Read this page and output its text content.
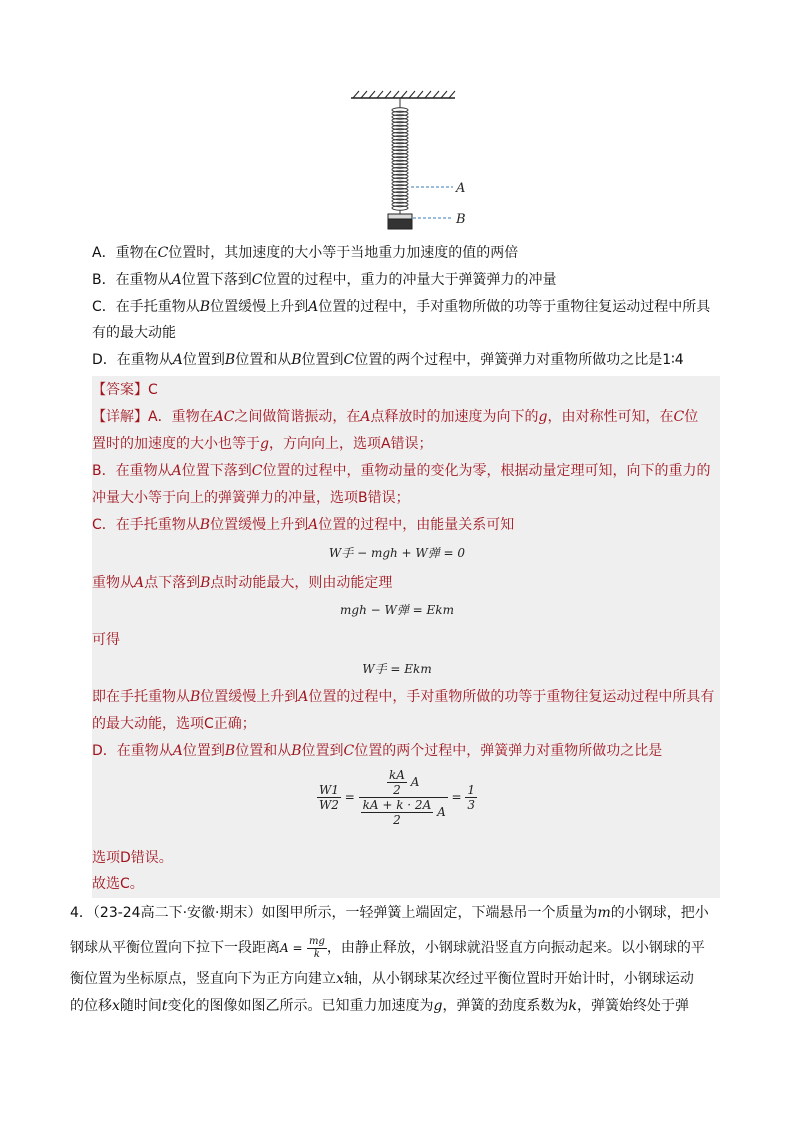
A
B
A．重物在C位置时，其加速度的大小等于当地重力加速度的值的两倍
B．在重物从A位置下落到C位置的过程中，重力的冲量大于弹簧弹力的冲量
C．在手托重物从B位置缓慢上升到A位置的过程中，手对重物所做的功等于重物往复运动过程中所具
有的最大动能
D．在重物从A位置到B位置和从B位置到C位置的两个过程中，弹簧弹力对重物所做功之比是1∶4
【答案】C
【详解】A．重物在AC之间做简谐振动，在A点释放时的加速度为向下的g，由对称性可知，在C位
置时的加速度的大小也等于g，方向向上，选项A错误；
B．在重物从A位置下落到C位置的过程中，重物动量的变化为零，根据动量定理可知，向下的重力的
冲量大小等于向上的弹簧弹力的冲量，选项B错误；
C．在手托重物从B位置缓慢上升到A位置的过程中，由能量关系可知
W手 − mgh + W弹 = 0
重物从A点下落到B点时动能最大，则由动能定理
mgh − W弹 = Ekm
可得
W手 = Ekm
即在手托重物从B位置缓慢上升到A位置的过程中，手对重物所做的功等于重物往复运动过程中所具有
的最大动能，选项C正确；
D．在重物从A位置到B位置和从B位置到C位置的两个过程中，弹簧弹力对重物所做功之比是
$\frac{W1}{W2} = \frac{\frac{kA}{2} A}{\frac{kA + k \cdot 2A}{2} A} = \frac{1}{3}$
选项D错误。
故选C。
4．（23-24高二下·安徽·期末）如图甲所示，一轻弹簧上端固定，下端悬吊一个质量为m的小钢球，把小
钢球从平衡位置向下拉下一段距离$A = \frac{mg}{k}$ ，由静止释放，小钢球就沿竖直方向振动起来。以小钢球的平
衡位置为坐标原点，竖直向下为正方向建立x轴，从小钢球某次经过平衡位置时开始计时，小钢球运动
的位移x随时间t变化的图像如图乙所示。已知重力加速度为g，弹簧的劲度系数为k，弹簧始终处于弹
